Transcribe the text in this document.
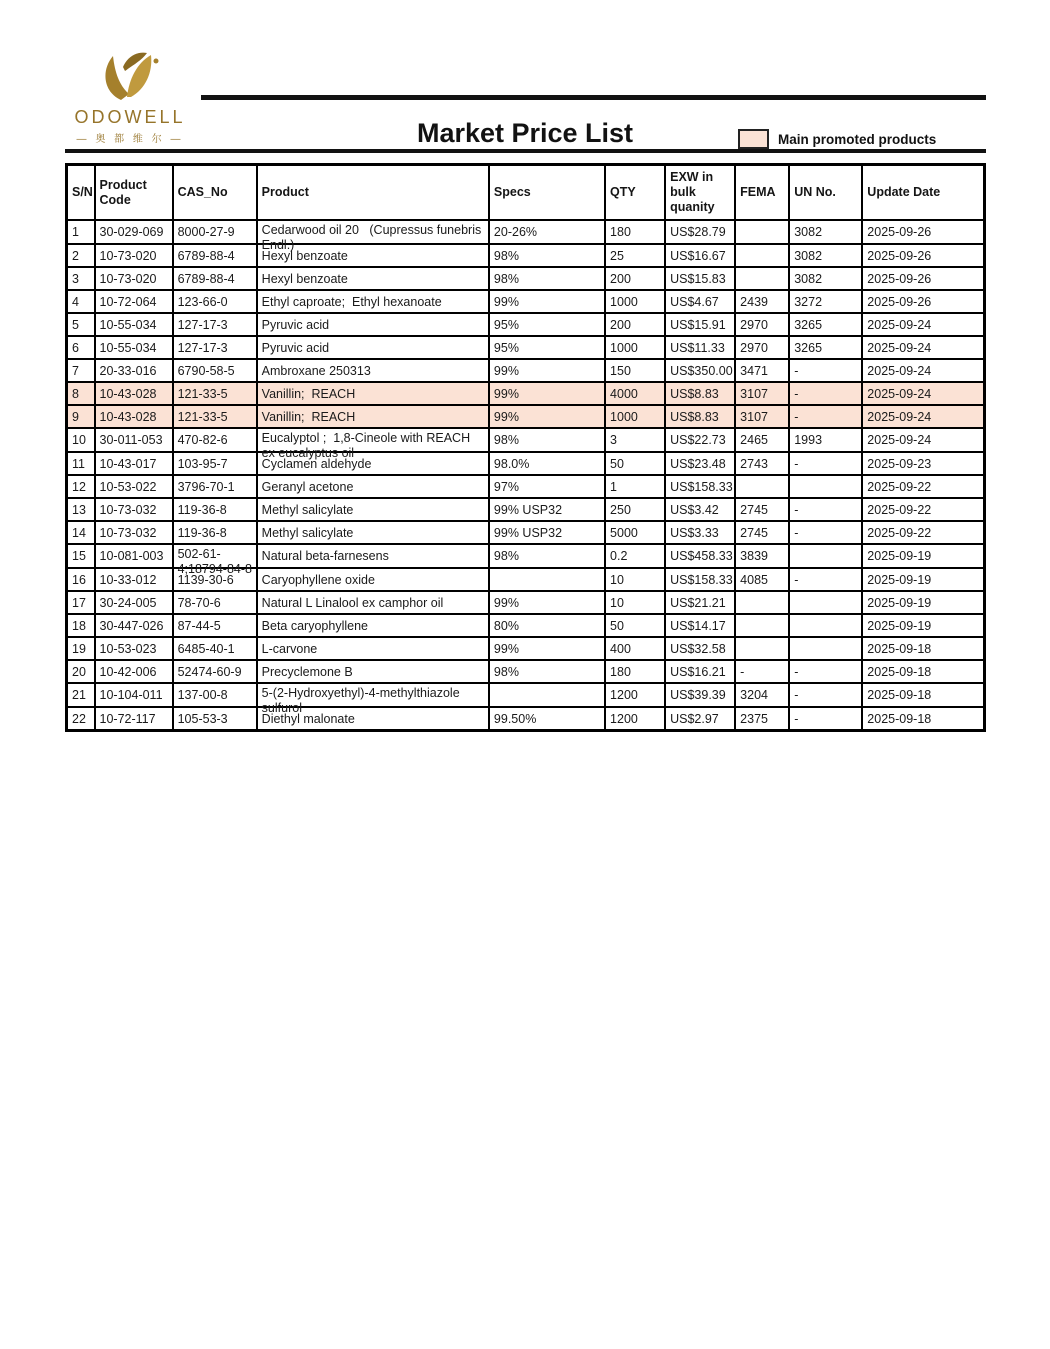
ODOWELL
— 奥 都 维 尔 —	Market Price List	Main promoted products
S/N	Product Code	CAS_No	Product	Specs	QTY	EXW in bulk quanity	FEMA	UN No.	Update Date

1	30-029-069	8000-27-9	Cedarwood oil 20   (Cupressus funebris
Endl.)	20-26%	180	US$28.79		3082	2025-09-26

2	10-73-020	6789-88-4	Hexyl benzoate	98%	25	US$16.67		3082	2025-09-26

3	10-73-020	6789-88-4	Hexyl benzoate	98%	200	US$15.83		3082	2025-09-26

4	10-72-064	123-66-0	Ethyl caproate;  Ethyl hexanoate	99%	1000	US$4.67	2439	3272	2025-09-26

5	10-55-034	127-17-3	Pyruvic acid	95%	200	US$15.91	2970	3265	2025-09-24

6	10-55-034	127-17-3	Pyruvic acid	95%	1000	US$11.33	2970	3265	2025-09-24

7	20-33-016	6790-58-5	Ambroxane 250313	99%	150	US$350.00	3471	-	2025-09-24

8	10-43-028	121-33-5	Vanillin;  REACH	99%	4000	US$8.83	3107	-	2025-09-24

9	10-43-028	121-33-5	Vanillin;  REACH	99%	1000	US$8.83	3107	-	2025-09-24

10	30-011-053	470-82-6	Eucalyptol ;  1,8-Cineole with REACH
ex eucalyptus oil	98%	3	US$22.73	2465	1993	2025-09-24

11	10-43-017	103-95-7	Cyclamen aldehyde	98.0%	50	US$23.48	2743	-	2025-09-23

12	10-53-022	3796-70-1	Geranyl acetone	97%	1	US$158.33			2025-09-22

13	10-73-032	119-36-8	Methyl salicylate	99% USP32	250	US$3.42	2745	-	2025-09-22

14	10-73-032	119-36-8	Methyl salicylate	99% USP32	5000	US$3.33	2745	-	2025-09-22

15	10-081-003	502-61-
4;18794-84-8	Natural beta-farnesens	98%	0.2	US$458.33	3839		2025-09-19

16	10-33-012	1139-30-6	Caryophyllene oxide		10	US$158.33	4085	-	2025-09-19

17	30-24-005	78-70-6	Natural L Linalool ex camphor oil	99%	10	US$21.21			2025-09-19

18	30-447-026	87-44-5	Beta caryophyllene	80%	50	US$14.17			2025-09-19

19	10-53-023	6485-40-1	L-carvone	99%	400	US$32.58			2025-09-18

20	10-42-006	52474-60-9	Precyclemone B	98%	180	US$16.21	-	-	2025-09-18

21	10-104-011	137-00-8	5-(2-Hydroxyethyl)-4-methylthiazole
sulfurol		1200	US$39.39	3204	-	2025-09-18

22	10-72-117	105-53-3	Diethyl malonate	99.50%	1200	US$2.97	2375	-	2025-09-18
